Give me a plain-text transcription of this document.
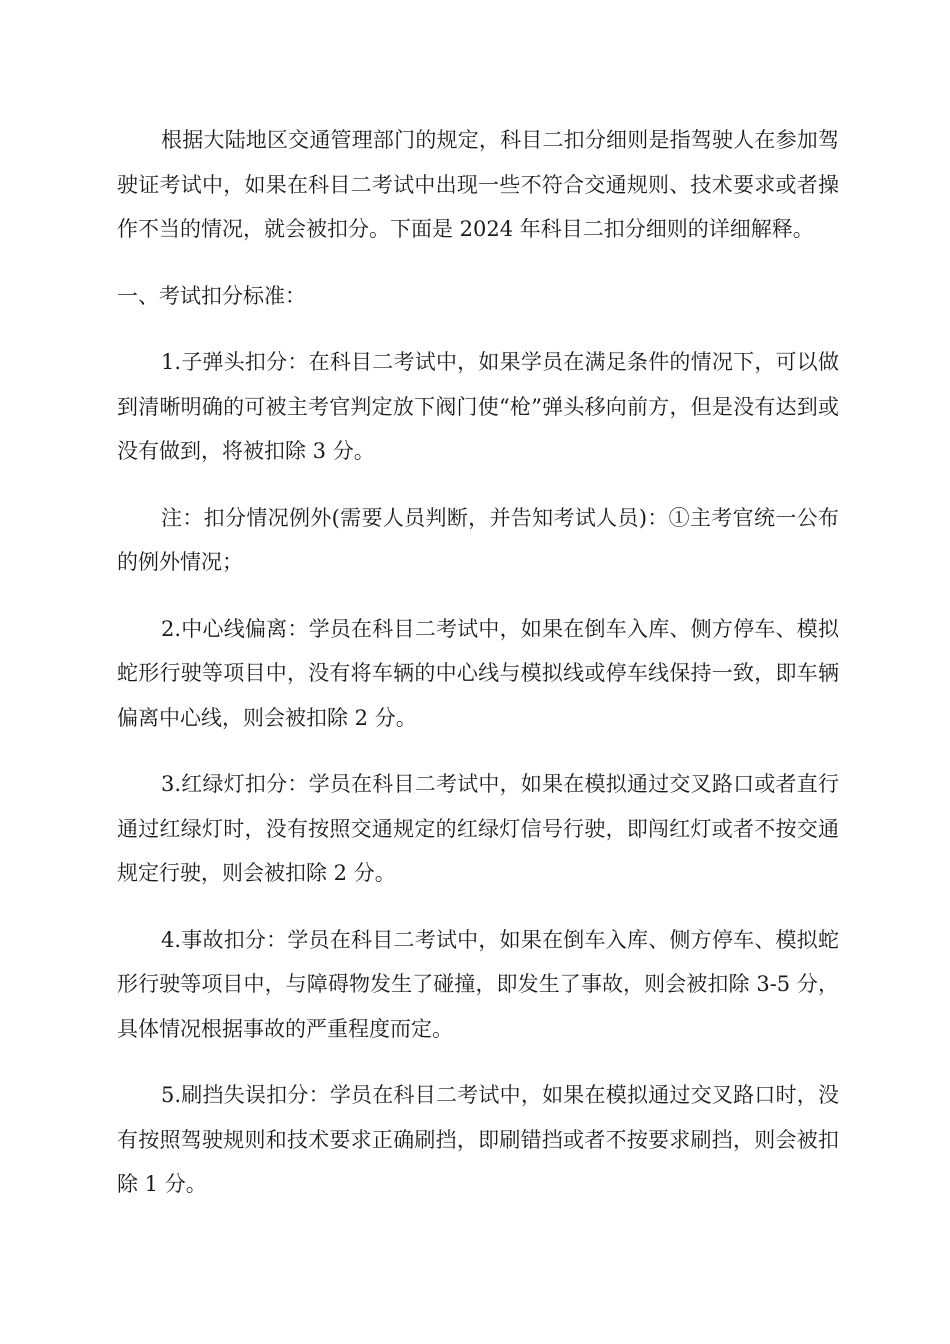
根据大陆地区交通管理部门的规定，科目二扣分细则是指驾驶人在参加驾驶证考试中，如果在科目二考试中出现一些不符合交通规则、技术要求或者操作不当的情况，就会被扣分。下面是 2024 年科目二扣分细则的详细解释。

一、考试扣分标准：

1.子弹头扣分：在科目二考试中，如果学员在满足条件的情况下，可以做到清晰明确的可被主考官判定放下阀门使“枪”弹头移向前方，但是没有达到或没有做到，将被扣除 3 分。

注：扣分情况例外(需要人员判断，并告知考试人员)：①主考官统一公布的例外情况；

2.中心线偏离：学员在科目二考试中，如果在倒车入库、侧方停车、模拟蛇形行驶等项目中，没有将车辆的中心线与模拟线或停车线保持一致，即车辆偏离中心线，则会被扣除 2 分。

3.红绿灯扣分：学员在科目二考试中，如果在模拟通过交叉路口或者直行通过红绿灯时，没有按照交通规定的红绿灯信号行驶，即闯红灯或者不按交通规定行驶，则会被扣除 2 分。

4.事故扣分：学员在科目二考试中，如果在倒车入库、侧方停车、模拟蛇形行驶等项目中，与障碍物发生了碰撞，即发生了事故，则会被扣除 3-5 分，具体情况根据事故的严重程度而定。

5.刷挡失误扣分：学员在科目二考试中，如果在模拟通过交叉路口时，没有按照驾驶规则和技术要求正确刷挡，即刷错挡或者不按要求刷挡，则会被扣除 1 分。
